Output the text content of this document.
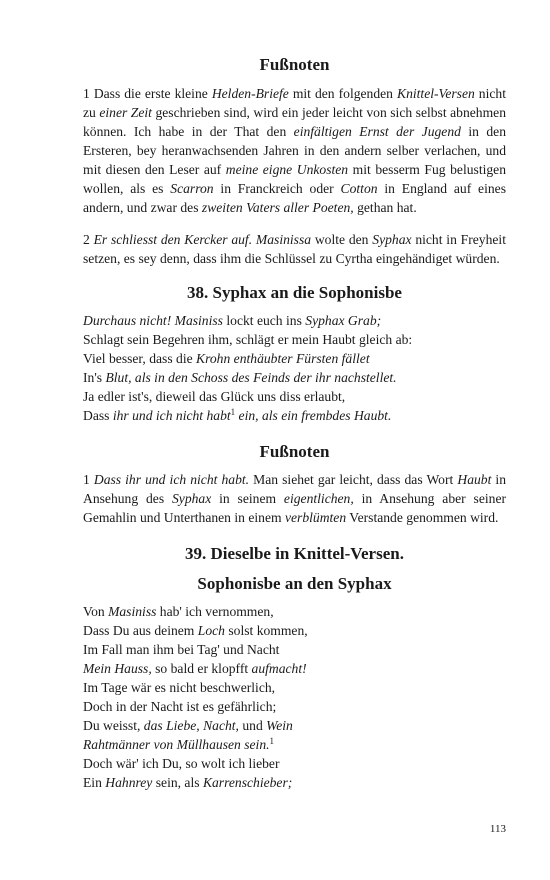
Fußnoten

1 Dass die erste kleine Helden-Briefe mit den folgenden Knittel-Versen nicht zu einer Zeit geschrieben sind, wird ein jeder leicht von sich selbst abnehmen können. Ich habe in der That den einfältigen Ernst der Jugend in den Ersteren, bey heranwachsenden Jahren in den andern selber verlachen, und mit diesen den Leser auf meine eigne Unkosten mit besserm Fug belustigen wollen, als es Scarron in Franckreich oder Cotton in England auf eines andern, und zwar des zweiten Vaters aller Poeten, gethan hat.

2 Er schliesst den Kercker auf. Masinissa wolte den Syphax nicht in Freyheit setzen, es sey denn, dass ihm die Schlüssel zu Cyrtha eingehändiget würden.

38. Syphax an die Sophonisbe
Durchaus nicht! Masiniss lockt euch ins Syphax Grab;
Schlagt sein Begehren ihm, schlägt er mein Haubt gleich ab:
Viel besser, dass die Krohn enthäubter Fürsten fället
In's Blut, als in den Schoss des Feinds der ihr nachstellet.
Ja edler ist's, dieweil das Glück uns diss erlaubt,
Dass ihr und ich nicht habt$^1$ ein, als ein frembdes Haubt.
Fußnoten

1 Dass ihr und ich nicht habt. Man siehet gar leicht, dass das Wort Haubt in Ansehung des Syphax in seinem eigentlichen, in Ansehung aber seiner Gemahlin und Unterthanen in einem verblümten Verstande genommen wird.

39. Dieselbe in Knittel-Versen.
Sophonisbe an den Syphax
Von Masiniss hab' ich vernommen,
Dass Du aus deinem Loch solst kommen,
Im Fall man ihm bei Tag' und Nacht
Mein Hauss, so bald er klopfft aufmacht!
Im Tage wär es nicht beschwerlich,
Doch in der Nacht ist es gefährlich;
Du weisst, das Liebe, Nacht, und Wein
Rahtmänner von Müllhausen sein.$^1$
Doch wär' ich Du, so wolt ich lieber
Ein Hahnrey sein, als Karrenschieber;
113
